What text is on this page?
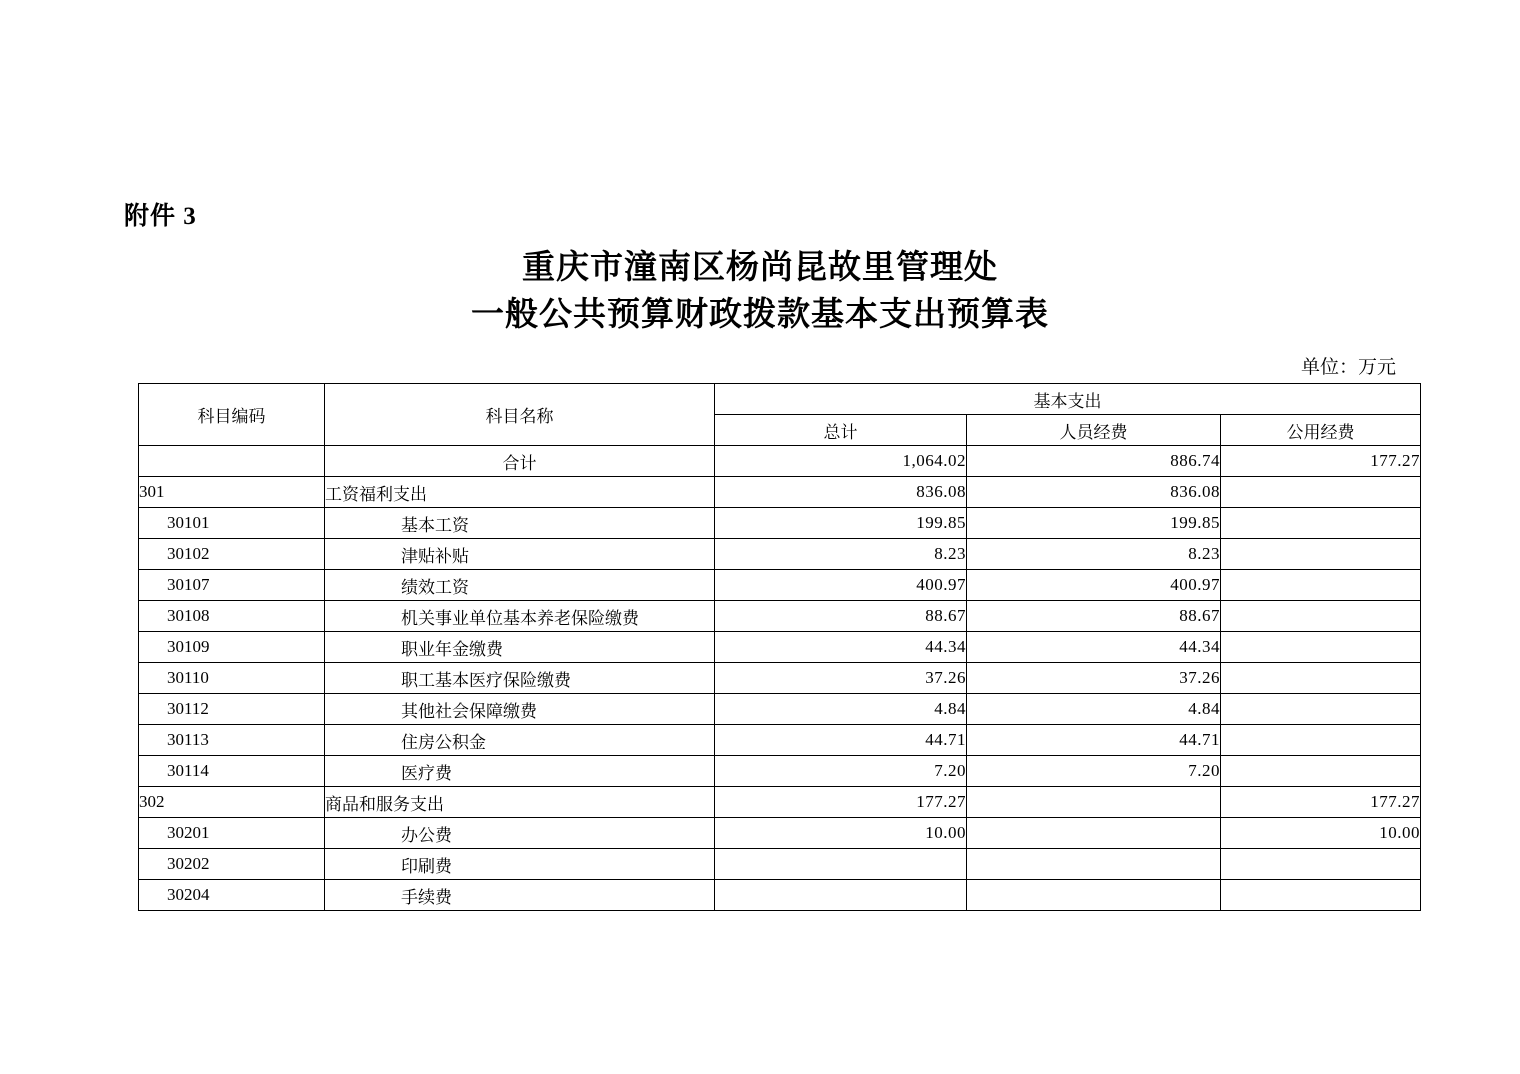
附件 3
重庆市潼南区杨尚昆故里管理处
一般公共预算财政拨款基本支出预算表
单位：万元
科目编码	科目名称	基本支出		
		总计	人员经费	公用经费
	合计	1,064.02	886.74	177.27
301	工资福利支出	836.08	836.08	
30101	基本工资	199.85	199.85	
30102	津贴补贴	8.23	8.23	
30107	绩效工资	400.97	400.97	
30108	机关事业单位基本养老保险缴费	88.67	88.67	
30109	职业年金缴费	44.34	44.34	
30110	职工基本医疗保险缴费	37.26	37.26	
30112	其他社会保障缴费	4.84	4.84	
30113	住房公积金	44.71	44.71	
30114	医疗费	7.20	7.20	
302	商品和服务支出	177.27		177.27
30201	办公费	10.00		10.00
30202	印刷费			
30204	手续费			
